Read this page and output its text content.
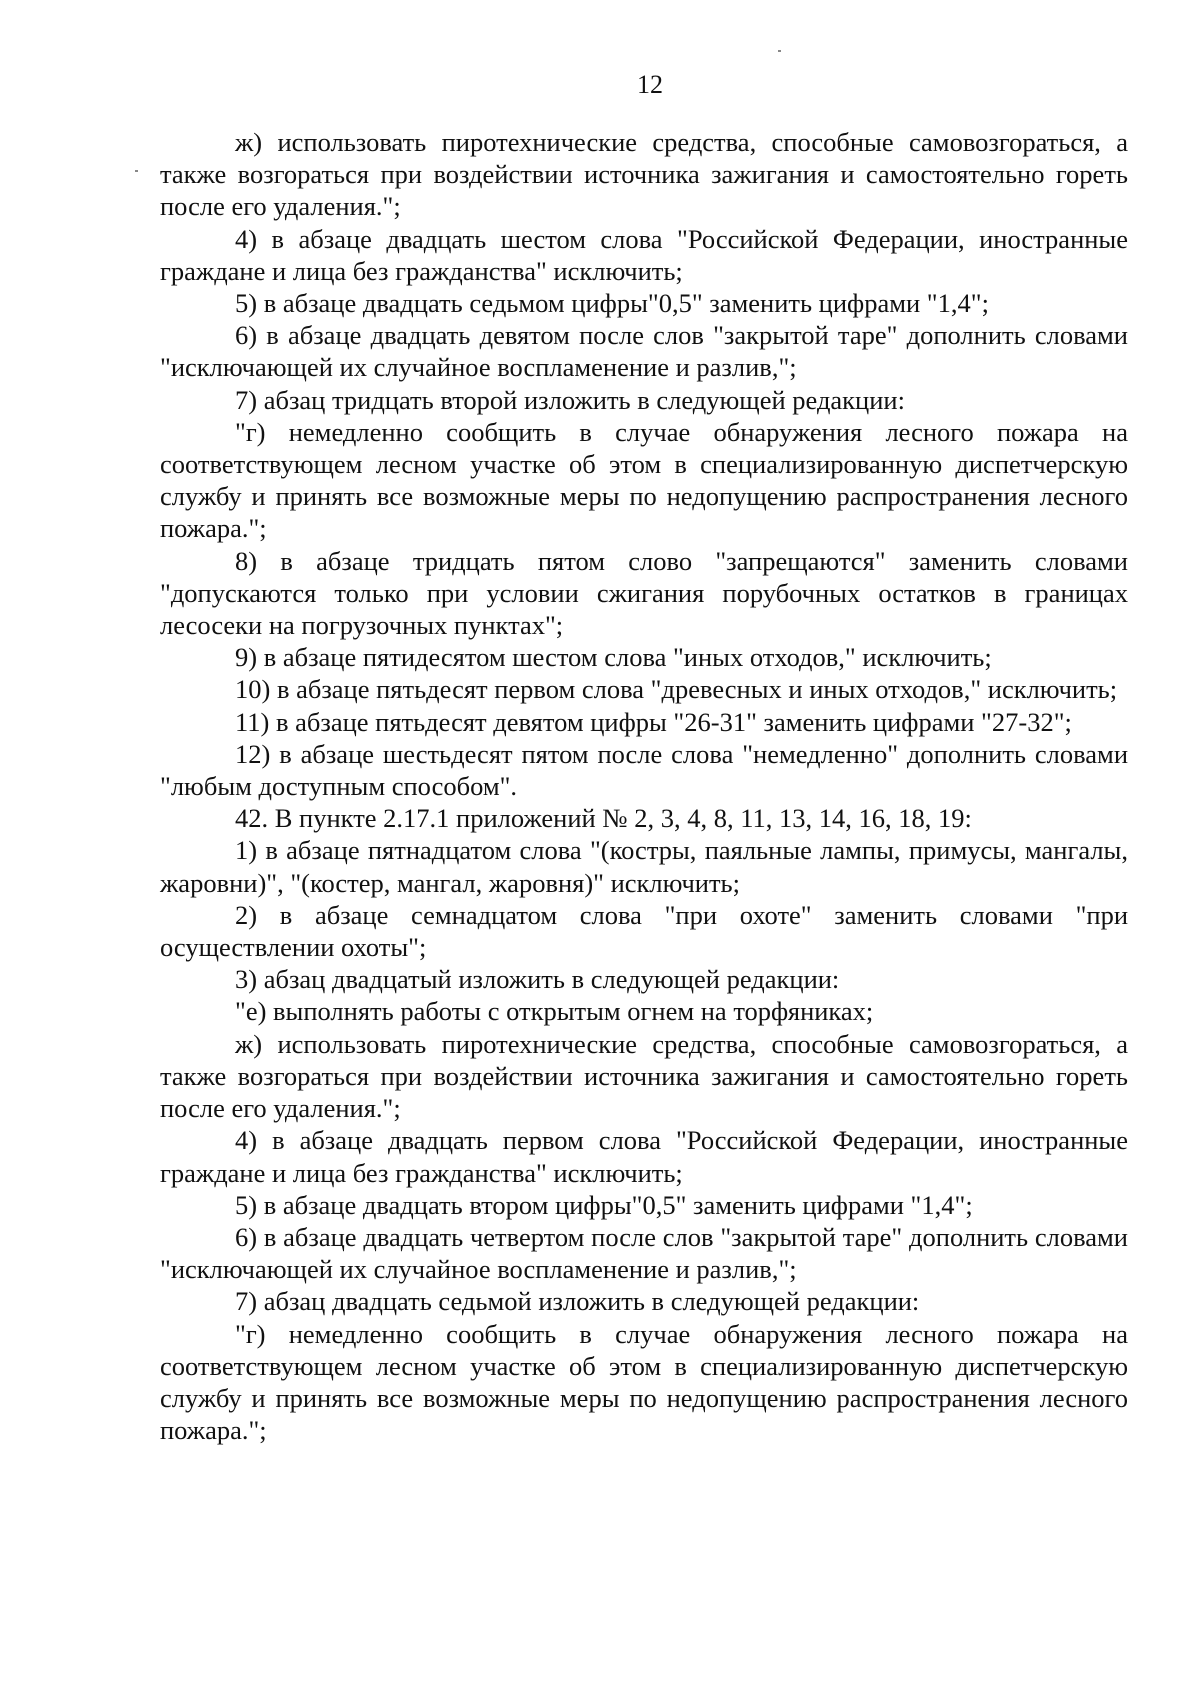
12

ж) использовать пиротехнические средства, способные самовозгораться, а также возгораться при воздействии источника зажигания и самостоятельно гореть после его удаления.";

4) в абзаце двадцать шестом слова "Российской Федерации, иностранные граждане и лица без гражданства" исключить;

5) в абзаце двадцать седьмом цифры"0,5" заменить цифрами "1,4";

6) в абзаце двадцать девятом после слов "закрытой таре" дополнить словами "исключающей их случайное воспламенение и разлив,";

7) абзац тридцать второй изложить в следующей редакции:

"г) немедленно сообщить в случае обнаружения лесного пожара на соответствующем лесном участке об этом в специализированную диспетчерскую службу и принять все возможные меры по недопущению распространения лесного пожара.";

8) в абзаце тридцать пятом слово "запрещаются" заменить словами "допускаются только при условии сжигания порубочных остатков в границах лесосеки на погрузочных пунктах";

9) в абзаце пятидесятом шестом слова "иных отходов," исключить;

10) в абзаце пятьдесят первом слова "древесных и иных отходов," исключить;

11) в абзаце пятьдесят девятом цифры "26-31" заменить цифрами "27-32";

12) в абзаце шестьдесят пятом после слова "немедленно" дополнить словами "любым доступным способом".

42. В пункте 2.17.1 приложений № 2, 3, 4, 8, 11, 13, 14, 16, 18, 19:

1) в абзаце пятнадцатом слова "(костры, паяльные лампы, примусы, мангалы, жаровни)", "(костер, мангал, жаровня)" исключить;

2) в абзаце семнадцатом слова "при охоте" заменить словами "при осуществлении охоты";

3) абзац двадцатый изложить в следующей редакции:

"е) выполнять работы с открытым огнем на торфяниках;

ж) использовать пиротехнические средства, способные самовозгораться, а также возгораться при воздействии источника зажигания и самостоятельно гореть после его удаления.";

4) в абзаце двадцать первом слова "Российской Федерации, иностранные граждане и лица без гражданства" исключить;

5) в абзаце двадцать втором цифры"0,5" заменить цифрами "1,4";

6) в абзаце двадцать четвертом после слов "закрытой таре" дополнить словами "исключающей их случайное воспламенение и разлив,";

7) абзац двадцать седьмой изложить в следующей редакции:

"г) немедленно сообщить в случае обнаружения лесного пожара на соответствующем лесном участке об этом в специализированную диспетчерскую службу и принять все возможные меры по недопущению распространения лесного пожара.";
